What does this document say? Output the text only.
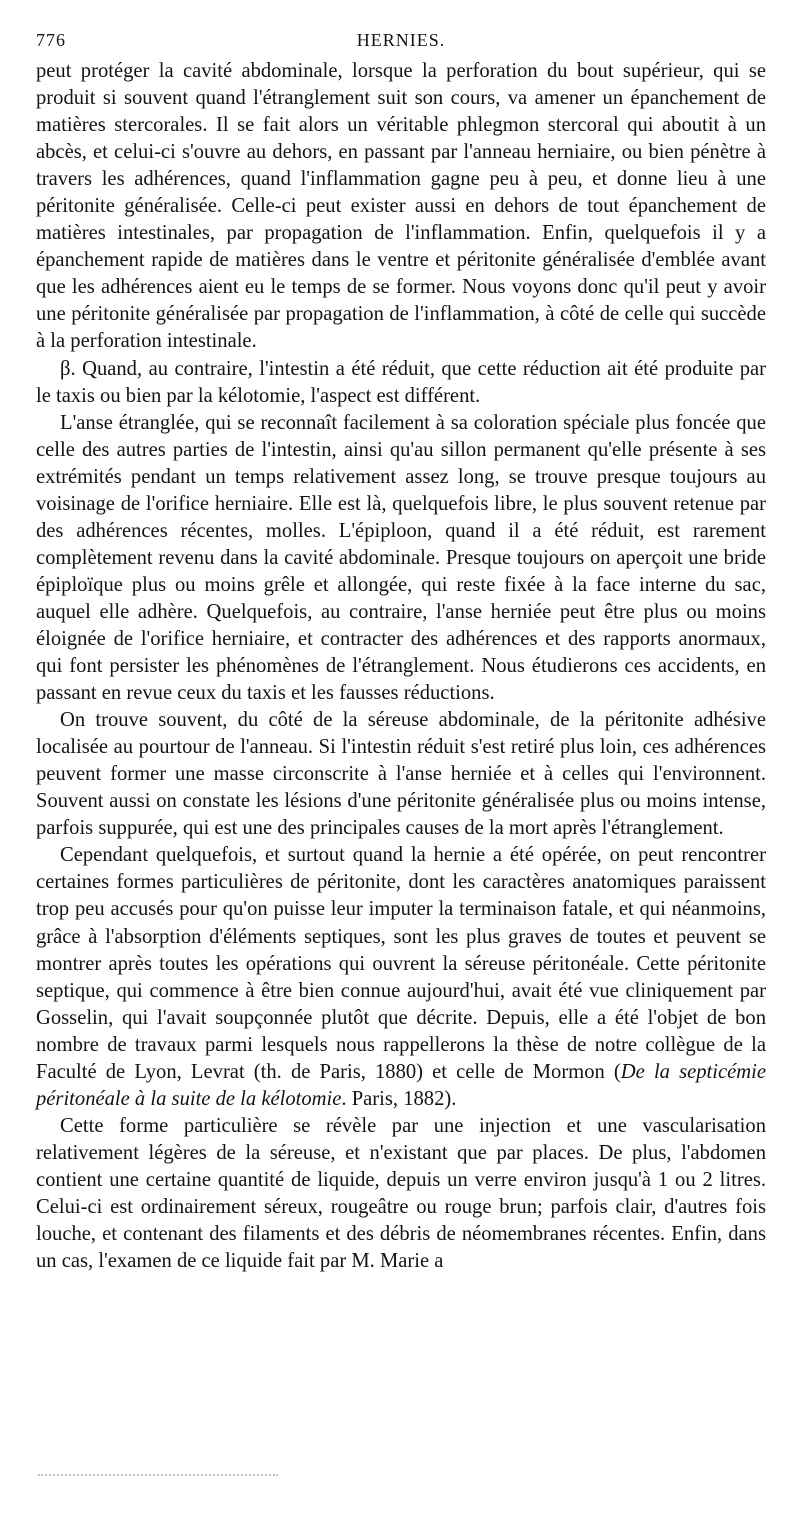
776	HERNIES.

peut protéger la cavité abdominale, lorsque la perforation du bout supérieur, qui se produit si souvent quand l'étranglement suit son cours, va amener un épanchement de matières stercorales. Il se fait alors un véritable phlegmon stercoral qui aboutit à un abcès, et celui-ci s'ouvre au dehors, en passant par l'anneau herniaire, ou bien pénètre à travers les adhérences, quand l'inflammation gagne peu à peu, et donne lieu à une péritonite généralisée. Celle-ci peut exister aussi en dehors de tout épanchement de matières intestinales, par propagation de l'inflammation. Enfin, quelquefois il y a épanchement rapide de matières dans le ventre et péritonite généralisée d'emblée avant que les adhérences aient eu le temps de se former. Nous voyons donc qu'il peut y avoir une péritonite généralisée par propagation de l'inflammation, à côté de celle qui succède à la perforation intestinale.

β. Quand, au contraire, l'intestin a été réduit, que cette réduction ait été produite par le taxis ou bien par la kélotomie, l'aspect est différent.

L'anse étranglée, qui se reconnaît facilement à sa coloration spéciale plus foncée que celle des autres parties de l'intestin, ainsi qu'au sillon permanent qu'elle présente à ses extrémités pendant un temps relativement assez long, se trouve presque toujours au voisinage de l'orifice herniaire. Elle est là, quelquefois libre, le plus souvent retenue par des adhérences récentes, molles. L'épiploon, quand il a été réduit, est rarement complètement revenu dans la cavité abdominale. Presque toujours on aperçoit une bride épiploïque plus ou moins grêle et allongée, qui reste fixée à la face interne du sac, auquel elle adhère. Quelquefois, au contraire, l'anse herniée peut être plus ou moins éloignée de l'orifice herniaire, et contracter des adhérences et des rapports anormaux, qui font persister les phénomènes de l'étranglement. Nous étudierons ces accidents, en passant en revue ceux du taxis et les fausses réductions.

On trouve souvent, du côté de la séreuse abdominale, de la péritonite adhésive localisée au pourtour de l'anneau. Si l'intestin réduit s'est retiré plus loin, ces adhérences peuvent former une masse circonscrite à l'anse herniée et à celles qui l'environnent. Souvent aussi on constate les lésions d'une péritonite généralisée plus ou moins intense, parfois suppurée, qui est une des principales causes de la mort après l'étranglement.

Cependant quelquefois, et surtout quand la hernie a été opérée, on peut rencontrer certaines formes particulières de péritonite, dont les caractères anatomiques paraissent trop peu accusés pour qu'on puisse leur imputer la terminaison fatale, et qui néanmoins, grâce à l'absorption d'éléments septiques, sont les plus graves de toutes et peuvent se montrer après toutes les opérations qui ouvrent la séreuse péritonéale. Cette péritonite septique, qui commence à être bien connue aujourd'hui, avait été vue cliniquement par Gosselin, qui l'avait soupçonnée plutôt que décrite. Depuis, elle a été l'objet de bon nombre de travaux parmi lesquels nous rappellerons la thèse de notre collègue de la Faculté de Lyon, Levrat (th. de Paris, 1880) et celle de Mormon (De la septicémie péritonéale à la suite de la kélotomie. Paris, 1882).

Cette forme particulière se révèle par une injection et une vascularisation relativement légères de la séreuse, et n'existant que par places. De plus, l'abdomen contient une certaine quantité de liquide, depuis un verre environ jusqu'à 1 ou 2 litres. Celui-ci est ordinairement séreux, rougeâtre ou rouge brun; parfois clair, d'autres fois louche, et contenant des filaments et des débris de néomembranes récentes. Enfin, dans un cas, l'examen de ce liquide fait par M. Marie a
